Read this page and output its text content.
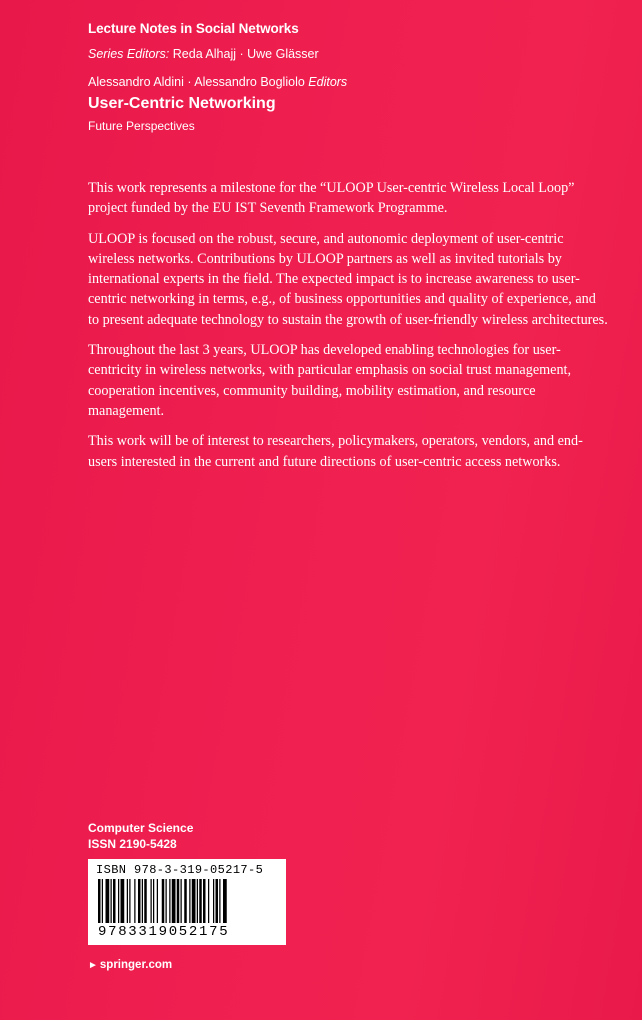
Lecture Notes in Social Networks
Series Editors: Reda Alhajj · Uwe Glässer
Alessandro Aldini · Alessandro Bogliolo Editors
User-Centric Networking
Future Perspectives

This work represents a milestone for the “ULOOP User-centric Wireless Local Loop” project funded by the EU IST Seventh Framework Programme.

ULOOP is focused on the robust, secure, and autonomic deployment of user-centric wireless networks. Contributions by ULOOP partners as well as invited tutorials by international experts in the field. The expected impact is to increase awareness to user-centric networking in terms, e.g., of business opportunities and quality of experience, and to present adequate technology to sustain the growth of user-friendly wireless architectures.

Throughout the last 3 years, ULOOP has developed enabling technologies for user-centricity in wireless networks, with particular emphasis on social trust management, cooperation incentives, community building, mobility estimation, and resource management.

This work will be of interest to researchers, policymakers, operators, vendors, and end-users interested in the current and future directions of user-centric access networks.

Computer Science
ISSN 2190-5428
ISBN 978-3-319-05217-5
9783319052175
► springer.com
